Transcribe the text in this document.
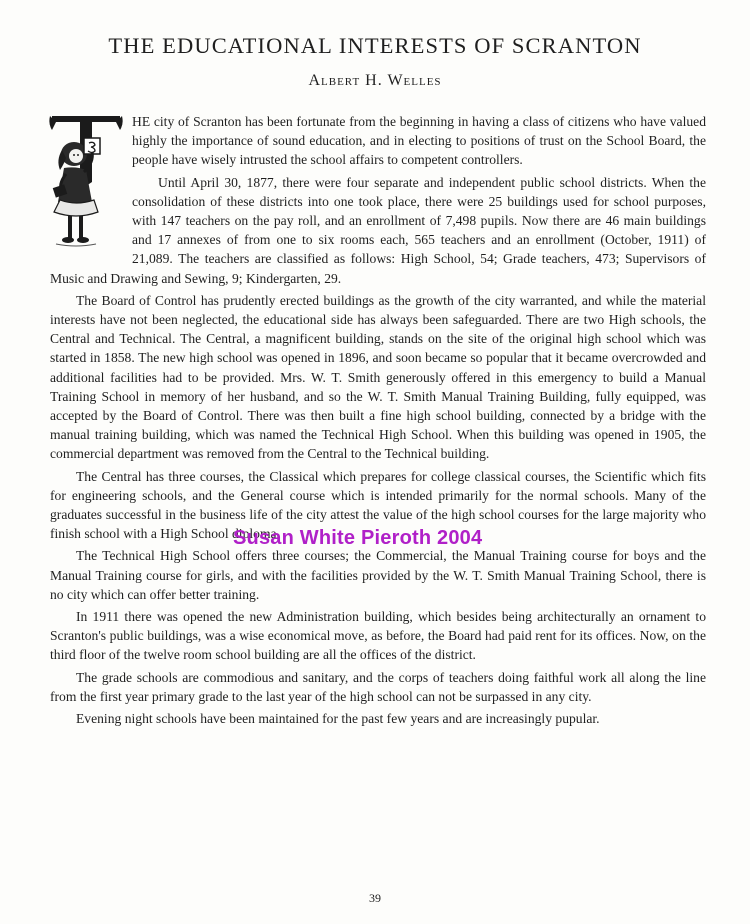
THE EDUCATIONAL INTERESTS OF SCRANTON
Albert H. Welles

HE city of Scranton has been fortunate from the beginning in having a class of citizens who have valued highly the importance of sound education, and in electing to positions of trust on the School Board, the people have wisely intrusted the school affairs to competent controllers.

Until April 30, 1877, there were four separate and independent public school districts. When the consolidation of these districts into one took place, there were 25 buildings used for school purposes, with 147 teachers on the pay roll, and an enrollment of 7,498 pupils. Now there are 46 main buildings and 17 annexes of from one to six rooms each, 565 teachers and an enrollment (October, 1911) of 21,089. The teachers are classified as follows: High School, 54; Grade teachers, 473; Supervisors of Music and Drawing and Sewing, 9; Kindergarten, 29.

The Board of Control has prudently erected buildings as the growth of the city warranted, and while the material interests have not been neglected, the educational side has always been safeguarded. There are two High schools, the Central and Technical. The Central, a magnificent building, stands on the site of the original high school which was started in 1858. The new high school was opened in 1896, and soon became so popular that it became overcrowded and additional facilities had to be provided. Mrs. W. T. Smith generously offered in this emergency to build a Manual Training School in memory of her husband, and so the W. T. Smith Manual Training Building, fully equipped, was accepted by the Board of Control. There was then built a fine high school building, connected by a bridge with the manual training building, which was named the Technical High School. When this building was opened in 1905, the commercial department was removed from the Central to the Technical building.

The Central has three courses, the Classical which prepares for college classical courses, the Scientific which fits for engineering schools, and the General course which is intended primarily for the normal schools. Many of the graduates successful in the business life of the city attest the value of the high school courses for the large majority who finish school with a High School diploma.

The Technical High School offers three courses; the Commercial, the Manual Training course for boys and the Manual Training course for girls, and with the facilities provided by the W. T. Smith Manual Training School, there is no city which can offer better training.

In 1911 there was opened the new Administration building, which besides being architecturally an ornament to Scranton's public buildings, was a wise economical move, as before, the Board had paid rent for its offices. Now, on the third floor of the twelve room school building are all the offices of the district.

The grade schools are commodious and sanitary, and the corps of teachers doing faithful work all along the line from the first year primary grade to the last year of the high school can not be surpassed in any city.

Evening night schools have been maintained for the past few years and are increasingly pupular.

Susan White Pieroth 2004
39
